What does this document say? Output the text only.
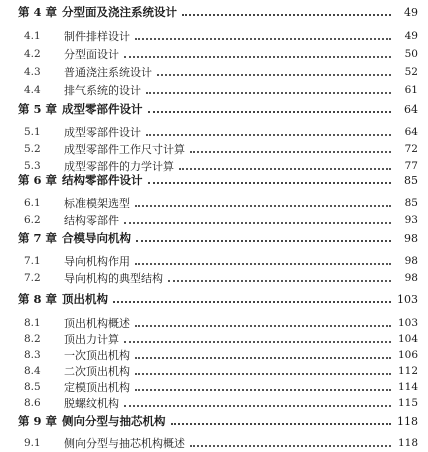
第 4 章 分型面及浇注系统设计	49
4.1	制件排样设计	49
4.2	分型面设计	50
4.3	普通浇注系统设计	52
4.4	排气系统的设计	61
第 5 章 成型零部件设计	64
5.1	成型零部件设计	64
5.2	成型零部件工作尺寸计算	72
5.3	成型零部件的力学计算	77
第 6 章 结构零部件设计	85
6.1	标准模架选型	85
6.2	结构零部件	93
第 7 章 合模导向机构	98
7.1	导向机构作用	98
7.2	导向机构的典型结构	98
第 8 章 顶出机构	103
8.1	顶出机构概述	103
8.2	顶出力计算	104
8.3	一次顶出机构	106
8.4	二次顶出机构	112
8.5	定模顶出机构	114
8.6	脱螺纹机构	115
第 9 章 侧向分型与抽芯机构	118
9.1	侧向分型与抽芯机构概述	118
